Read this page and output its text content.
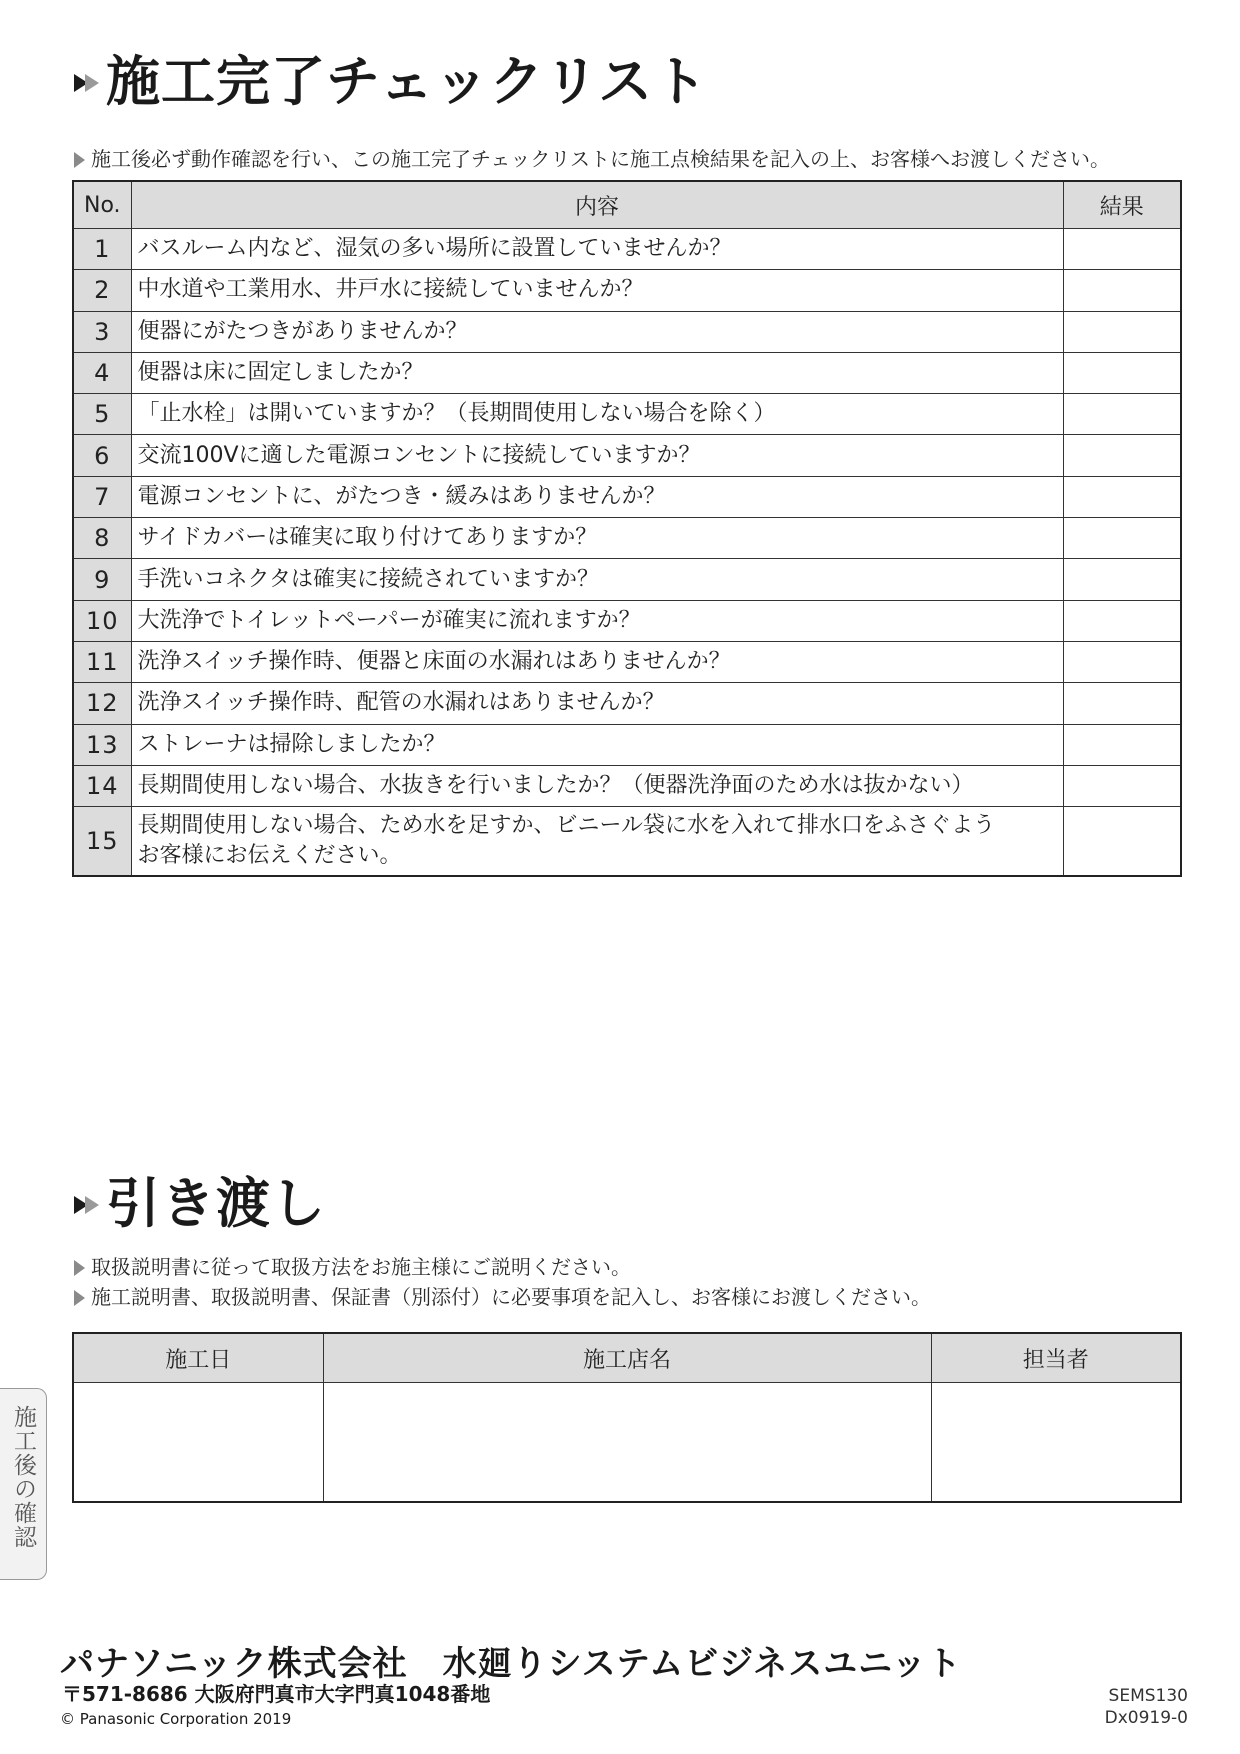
施工完了チェックリスト
施工後必ず動作確認を行い、この施工完了チェックリストに施工点検結果を記入の上、お客様へお渡しください。
No.	内容	結果
1	バスルーム内など、湿気の多い場所に設置していませんか？	
2	中水道や工業用水、井戸水に接続していませんか？	
3	便器にがたつきがありませんか？	
4	便器は床に固定しましたか？	
5	「止水栓」は開いていますか？（長期間使用しない場合を除く）	
6	交流100Vに適した電源コンセントに接続していますか？	
7	電源コンセントに、がたつき・緩みはありませんか？	
8	サイドカバーは確実に取り付けてありますか？	
9	手洗いコネクタは確実に接続されていますか？	
10	大洗浄でトイレットペーパーが確実に流れますか？	
11	洗浄スイッチ操作時、便器と床面の水漏れはありませんか？	
12	洗浄スイッチ操作時、配管の水漏れはありませんか？	
13	ストレーナは掃除しましたか？	
14	長期間使用しない場合、水抜きを行いましたか？（便器洗浄面のため水は抜かない）	
15	長期間使用しない場合、ため水を足すか、ビニール袋に水を入れて排水口をふさぐよう
お客様にお伝えください。	

引き渡し
取扱説明書に従って取扱方法をお施主様にご説明ください。
施工説明書、取扱説明書、保証書（別添付）に必要事項を記入し、お客様にお渡しください。
施工日	施工店名	担当者

施工後の確認
パナソニック株式会社　水廻りシステムビジネスユニット
〒571-8686 大阪府門真市大字門真1048番地
© Panasonic Corporation 2019
SEMS130
Dx0919-0
